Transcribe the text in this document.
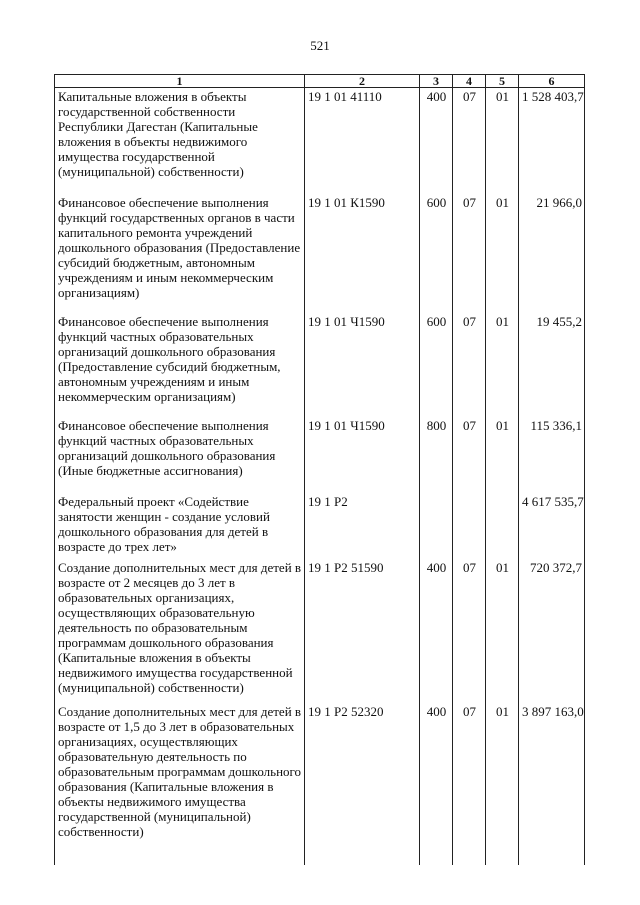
521
1	2	3	4	5	6
Капитальные вложения в объекты государственной собственности Республики Дагестан (Капитальные вложения в объекты недвижимого имущества государственной (муниципальной) собственности)	19 1 01 41110	400	07	01	1 528 403,7
Финансовое обеспечение выполнения функций государственных органов в части капитального ремонта учреждений дошкольного образования (Предоставление субсидий бюджетным, автономным учреждениям и иным некоммерческим организациям)	19 1 01 К1590	600	07	01	21 966,0
Финансовое обеспечение выполнения функций частных образовательных организаций дошкольного образования (Предоставление субсидий бюджетным, автономным учреждениям и иным некоммерческим организациям)	19 1 01 Ч1590	600	07	01	19 455,2
Финансовое обеспечение выполнения функций частных образовательных организаций дошкольного образования (Иные бюджетные ассигнования)	19 1 01 Ч1590	800	07	01	115 336,1
Федеральный проект «Содействие занятости женщин - создание условий дошкольного образования для детей в возрасте до трех лет»	19 1 Р2				4 617 535,7
Создание дополнительных мест для детей в возрасте от 2 месяцев до 3 лет в образовательных организациях, осуществляющих образовательную деятельность по образовательным программам дошкольного образования (Капитальные вложения в объекты недвижимого имущества государственной (муниципальной) собственности)	19 1 Р2 51590	400	07	01	720 372,7
Создание дополнительных мест для детей в возрасте от 1,5 до 3 лет в образовательных организациях, осуществляющих образовательную деятельность по образовательным программам дошкольного образования (Капитальные вложения в объекты недвижимого имущества государственной (муниципальной) собственности)	19 1 Р2 52320	400	07	01	3 897 163,0
